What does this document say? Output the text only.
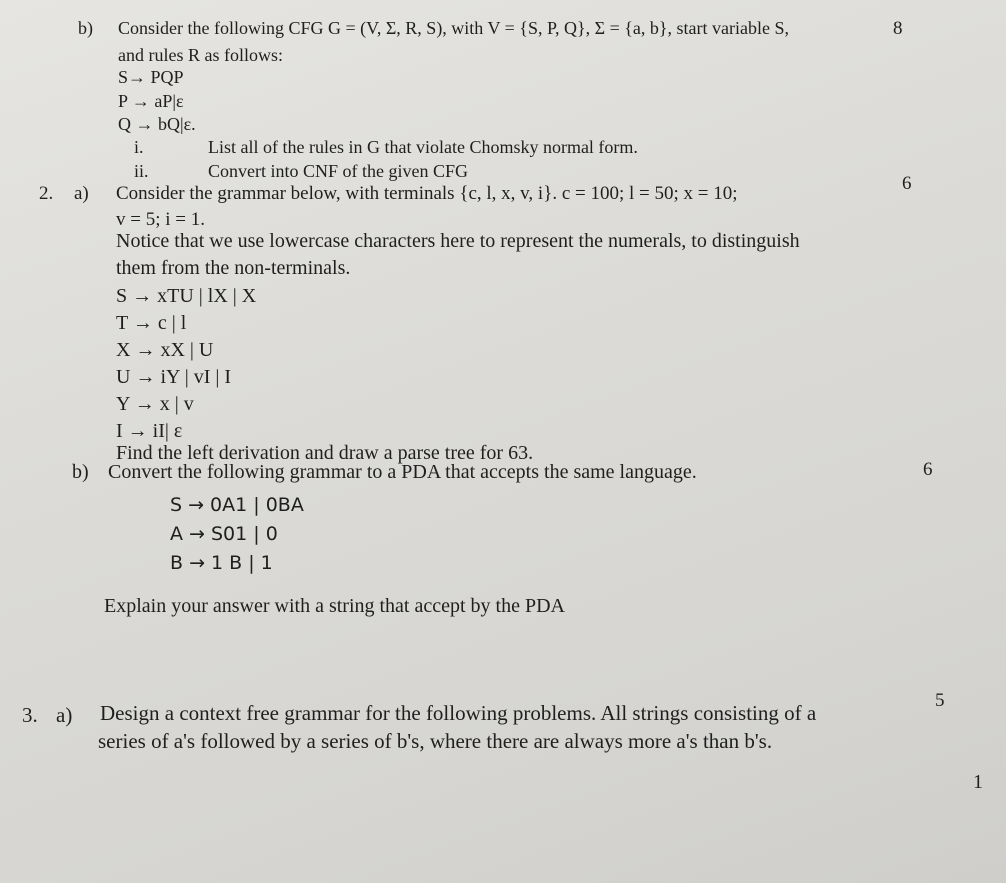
b) Consider the following CFG G = (V, Σ, R, S), with V = {S, P, Q}, Σ = {a, b}, start variable S,	8
and rules R as follows:
S→ PQP
P → aP|ε
Q → bQ|ε.
i.	List all of the rules in G that violate Chomsky normal form.
ii.	Convert into CNF of the given CFG
2. a) Consider the grammar below, with terminals {c, l, x, v, i}. c = 100; l = 50; x = 10;	6
v = 5; i = 1.
Notice that we use lowercase characters here to represent the numerals, to distinguish
them from the non-terminals.
S → xTU | lX | X
T → c | l
X → xX | U
U → iY | vI | I
Y → x | v
I → iI| ε
Find the left derivation and draw a parse tree for 63.
b) Convert the following grammar to a PDA that accepts the same language.	6
S → 0A1 | 0BA
A → S01 | 0
B → 1 B | 1
Explain your answer with a string that accept by the PDA
3. a) Design a context free grammar for the following problems. All strings consisting of a
5
series of a's followed by a series of b's, where there are always more a's than b's.
1
